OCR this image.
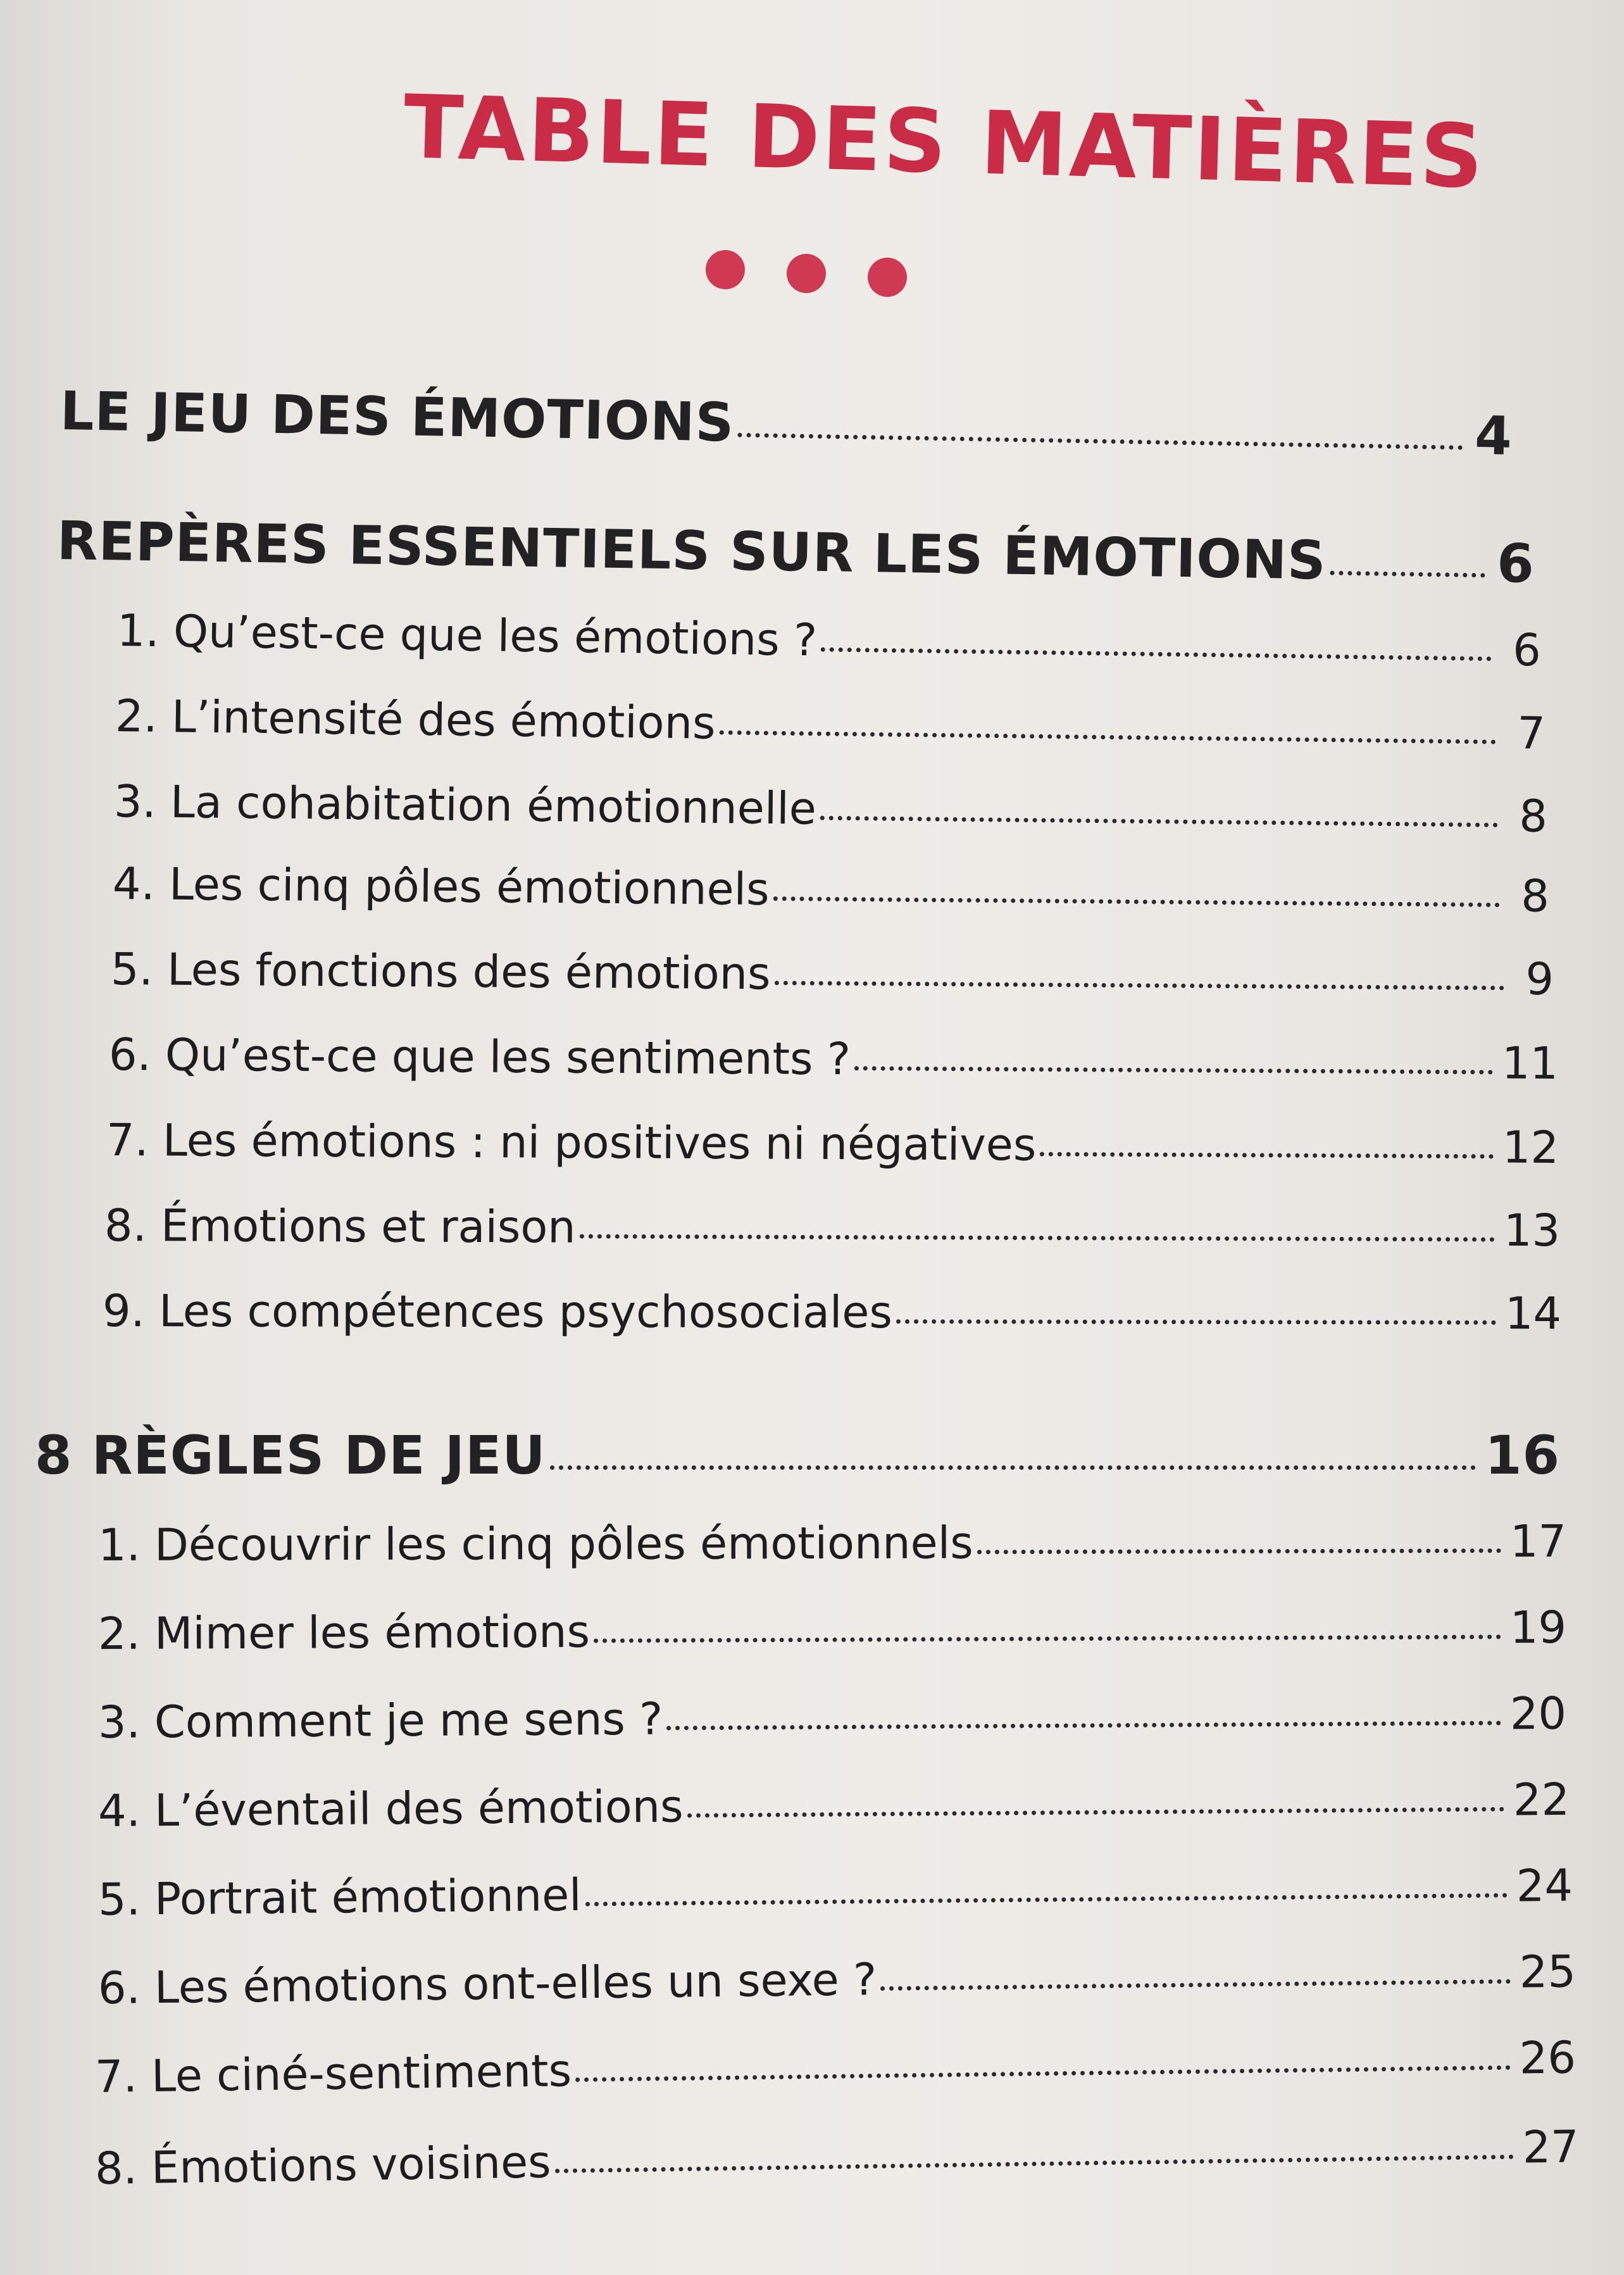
TABLE DES MATIÈRES
LE JEU DES ÉMOTIONS	4
REPÈRES ESSENTIELS SUR LES ÉMOTIONS	6
1. Qu’est-ce que les émotions ?	6
2. L’intensité des émotions	7
3. La cohabitation émotionnelle	8
4. Les cinq pôles émotionnels	8
5. Les fonctions des émotions	9
6. Qu’est-ce que les sentiments ?	11
7. Les émotions : ni positives ni négatives	12
8. Émotions et raison	13
9. Les compétences psychosociales	14
8 RÈGLES DE JEU	16
1. Découvrir les cinq pôles émotionnels	17
2. Mimer les émotions	19
3. Comment je me sens ?	20
4. L’éventail des émotions	22
5. Portrait émotionnel	24
6. Les émotions ont-elles un sexe ?	25
7. Le ciné-sentiments	26
8. Émotions voisines	27
